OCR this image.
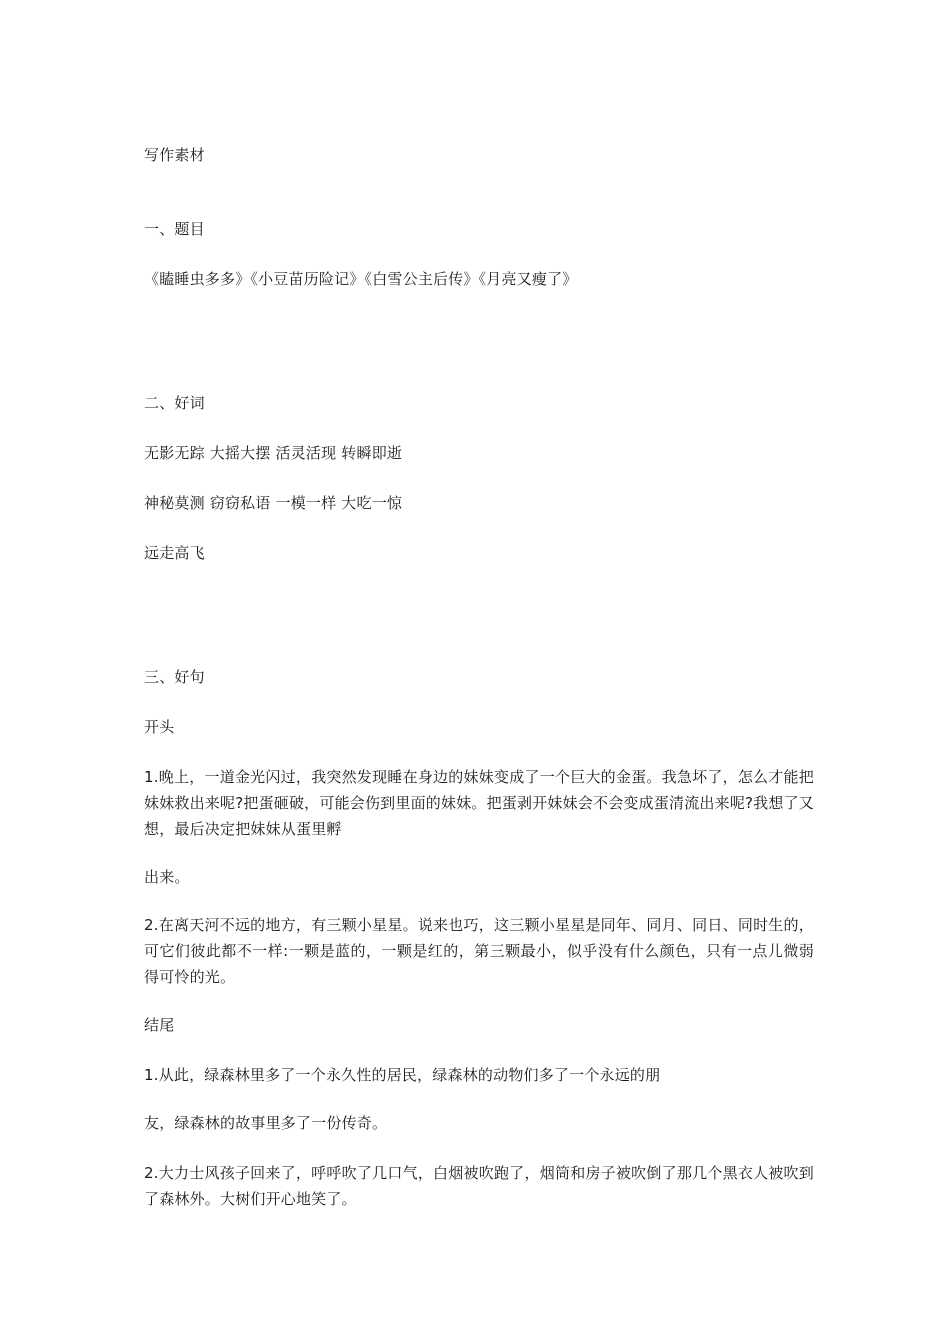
写作素材
一、题目
《瞌睡虫多多》《小豆苗历险记》《白雪公主后传》《月亮又瘦了》
二、好词
无影无踪 大摇大摆 活灵活现 转瞬即逝
神秘莫测 窃窃私语 一模一样 大吃一惊
远走高飞
三、好句
开头
1.晚上，一道金光闪过，我突然发现睡在身边的妹妹变成了一个巨大的金蛋。我急坏了，怎么才能把妹妹救出来呢?把蛋砸破，可能会伤到里面的妹妹。把蛋剥开妹妹会不会变成蛋清流出来呢?我想了又想，最后决定把妹妹从蛋里孵
出来。
2.在离天河不远的地方，有三颗小星星。说来也巧，这三颗小星星是同年、同月、同日、同时生的，可它们彼此都不一样:一颗是蓝的，一颗是红的，第三颗最小，似乎没有什么颜色，只有一点儿微弱得可怜的光。
结尾
1.从此，绿森林里多了一个永久性的居民，绿森林的动物们多了一个永远的朋
友，绿森林的故事里多了一份传奇。
2.大力士风孩子回来了，呼呼吹了几口气，白烟被吹跑了，烟筒和房子被吹倒了那几个黑衣人被吹到了森林外。大树们开心地笑了。
